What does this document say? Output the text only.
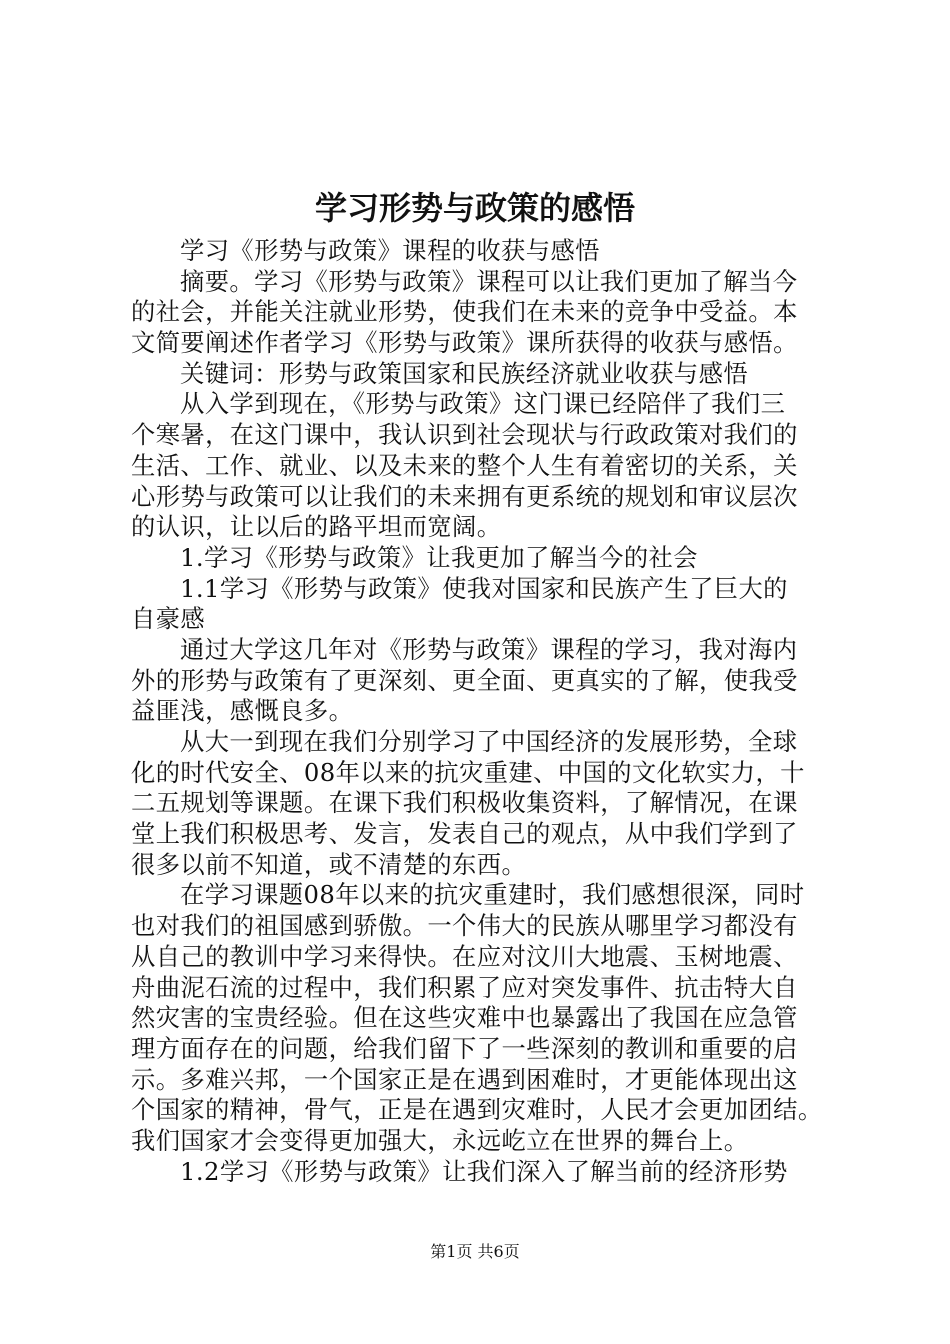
学习形势与政策的感悟
学习《形势与政策》课程的收获与感悟
摘要。学习《形势与政策》课程可以让我们更加了解当今
的社会，并能关注就业形势，使我们在未来的竞争中受益。本
文简要阐述作者学习《形势与政策》课所获得的收获与感悟。
关键词：形势与政策国家和民族经济就业收获与感悟
从入学到现在，《形势与政策》这门课已经陪伴了我们三
个寒暑，在这门课中，我认识到社会现状与行政政策对我们的
生活、工作、就业、以及未来的整个人生有着密切的关系，关
心形势与政策可以让我们的未来拥有更系统的规划和审议层次
的认识，让以后的路平坦而宽阔。
1.学习《形势与政策》让我更加了解当今的社会
1.1学习《形势与政策》使我对国家和民族产生了巨大的
自豪感
通过大学这几年对《形势与政策》课程的学习，我对海内
外的形势与政策有了更深刻、更全面、更真实的了解，使我受
益匪浅，感慨良多。
从大一到现在我们分别学习了中国经济的发展形势，全球
化的时代安全、08年以来的抗灾重建、中国的文化软实力，十
二五规划等课题。在课下我们积极收集资料，了解情况，在课
堂上我们积极思考、发言，发表自己的观点，从中我们学到了
很多以前不知道，或不清楚的东西。
在学习课题08年以来的抗灾重建时，我们感想很深，同时
也对我们的祖国感到骄傲。一个伟大的民族从哪里学习都没有
从自己的教训中学习来得快。在应对汶川大地震、玉树地震、
舟曲泥石流的过程中，我们积累了应对突发事件、抗击特大自
然灾害的宝贵经验。但在这些灾难中也暴露出了我国在应急管
理方面存在的问题，给我们留下了一些深刻的教训和重要的启
示。多难兴邦，一个国家正是在遇到困难时，才更能体现出这
个国家的精神，骨气，正是在遇到灾难时，人民才会更加团结。
我们国家才会变得更加强大，永远屹立在世界的舞台上。
1.2学习《形势与政策》让我们深入了解当前的经济形势
第1页 共6页
